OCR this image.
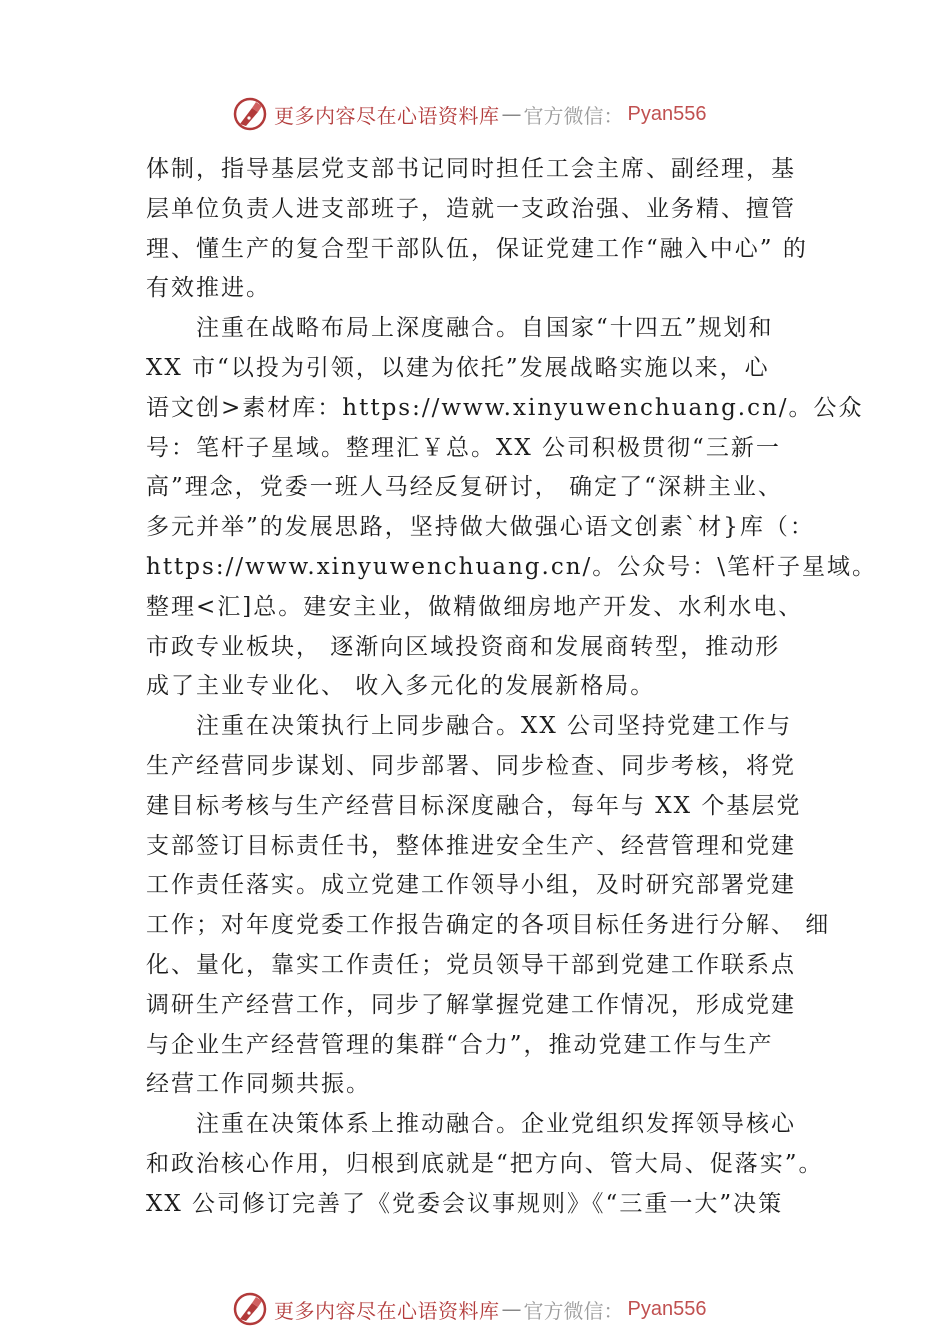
更多内容尽在心语资料库 — 官方微信： Pyan556
体制，指导基层党支部书记同时担任工会主席、副经理，基
层单位负责人进支部班子，造就一支政治强、业务精、擅管
理、懂生产的复合型干部队伍，保证党建工作“融入中心” 的
有效推进。
注重在战略布局上深度融合。自国家“十四五”规划和
XX 市“以投为引领，以建为依托”发展战略实施以来，心
语文创>素材库：https://www.xinyuwenchuang.cn/。公众
号：笔杆子星域。整理汇￥总。XX 公司积极贯彻“三新一
高”理念，党委一班人马经反复研讨， 确定了“深耕主业、
多元并举”的发展思路，坚持做大做强心语文创素`材}库（：
https://www.xinyuwenchuang.cn/。公众号：\笔杆子星域。
整理<汇]总。建安主业，做精做细房地产开发、水利水电、
市政专业板块， 逐渐向区域投资商和发展商转型，推动形
成了主业专业化、 收入多元化的发展新格局。
注重在决策执行上同步融合。XX 公司坚持党建工作与
生产经营同步谋划、同步部署、同步检查、同步考核，将党
建目标考核与生产经营目标深度融合，每年与 XX 个基层党
支部签订目标责任书，整体推进安全生产、经营管理和党建
工作责任落实。成立党建工作领导小组，及时研究部署党建
工作；对年度党委工作报告确定的各项目标任务进行分解、 细
化、量化，靠实工作责任；党员领导干部到党建工作联系点
调研生产经营工作，同步了解掌握党建工作情况，形成党建
与企业生产经营管理的集群“合力”，推动党建工作与生产
经营工作同频共振。
注重在决策体系上推动融合。企业党组织发挥领导核心
和政治核心作用，归根到底就是“把方向、管大局、促落实”。
XX 公司修订完善了《党委会议事规则》《“三重一大”决策
更多内容尽在心语资料库 — 官方微信： Pyan556
